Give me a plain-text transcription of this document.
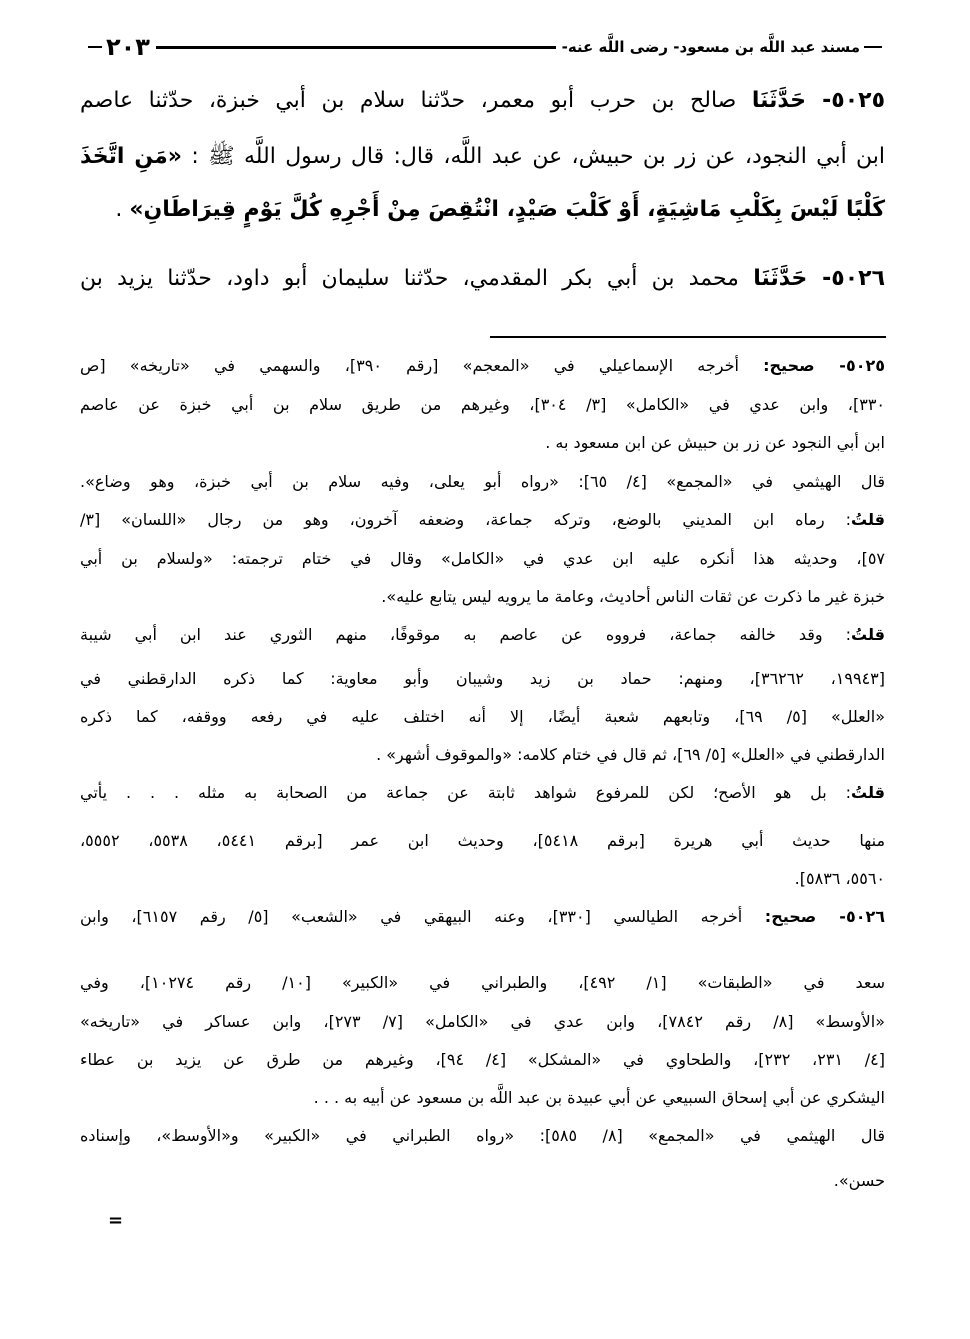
مسند عبد اللَّه بن مسعود- رضى اللَّه عنه-
٢٠٣
٥٠٢٥- حَدَّثَنَا صالح بن حرب أبو معمر، حدّثنا سلام بن أبي خبزة، حدّثنا عاصم
ابن أبي النجود، عن زر بن حبيش، عن عبد اللَّه، قال: قال رسول اللَّه ﷺ : «مَنِ اتَّخَذَ
كَلْبًا لَيْسَ بِكَلْبِ مَاشِيَةٍ، أَوْ كَلْبَ صَيْدٍ، انْتُقِصَ مِنْ أَجْرِهِ كُلَّ يَوْمٍ قِيرَاطَانِ» .
٥٠٢٦- حَدَّثَنَا محمد بن أبي بكر المقدمي، حدّثنا سليمان أبو داود، حدّثنا يزيد بن
٥٠٢٥- صحيح: أخرجه الإسماعيلي في «المعجم» [رقم ٣٩٠]، والسهمي في «تاريخه» [ص
٣٣٠]، وابن عدي في «الكامل» [٣/ ٣٠٤]، وغيرهم من طريق سلام بن أبي خبزة عن عاصم
ابن أبي النجود عن زر بن حبيش عن ابن مسعود به .
قال الهيثمي في «المجمع» [٤/ ٦٥]: «رواه أبو يعلى، وفيه سلام بن أبي خبزة، وهو وضاع».
قلتُ: رماه ابن المديني بالوضع، وتركه جماعة، وضعفه آخرون، وهو من رجال «اللسان» [٣/
٥٧]، وحديثه هذا أنكره عليه ابن عدي في «الكامل» وقال في ختام ترجمته: «ولسلام بن أبي
خبزة غير ما ذكرت عن ثقات الناس أحاديث، وعامة ما يرويه ليس يتابع عليه».
قلتُ: وقد خالفه جماعة، فرووه عن عاصم به موقوفًا، منهم الثوري عند ابن أبي شيبة
[١٩٩٤٣، ٣٦٢٦٢]، ومنهم: حماد بن زيد وشيبان وأبو معاوية: كما ذكره الدارقطني في
«العلل» [٥/ ٦٩]، وتابعهم شعبة أيضًا، إلا أنه اختلف عليه في رفعه ووقفه، كما ذكره
الدارقطني في «العلل» [٥/ ٦٩]، ثم قال في ختام كلامه: «والموقوف أشهر» .
قلتُ: بل هو الأصح؛ لكن للمرفوع شواهد ثابتة عن جماعة من الصحابة به مثله . . . يأتي
منها حديث أبي هريرة [برقم ٥٤١٨]، وحديث ابن عمر [برقم ٥٤٤١، ٥٥٣٨، ٥٥٥٢،
٥٥٦٠، ٥٨٣٦].
٥٠٢٦- صحيح: أخرجه الطيالسي [٣٣٠]، وعنه البيهقي في «الشعب» [٥/ رقم ٦١٥٧]، وابن
سعد في «الطبقات» [١/ ٤٩٢]، والطبراني في «الكبير» [١٠/ رقم ١٠٢٧٤]، وفي
«الأوسط» [٨/ رقم ٧٨٤٢]، وابن عدي في «الكامل» [٧/ ٢٧٣]، وابن عساكر في «تاريخه»
[٤/ ٢٣١، ٢٣٢]، والطحاوي في «المشكل» [٤/ ٩٤]، وغيرهم من طرق عن يزيد بن عطاء
اليشكري عن أبي إسحاق السبيعي عن أبي عبيدة بن عبد اللَّه بن مسعود عن أبيه به . . .
قال الهيثمي في «المجمع» [٨/ ٥٨٥]: «رواه الطبراني في «الكبير» و«الأوسط»، وإسناده
حسن».
=
